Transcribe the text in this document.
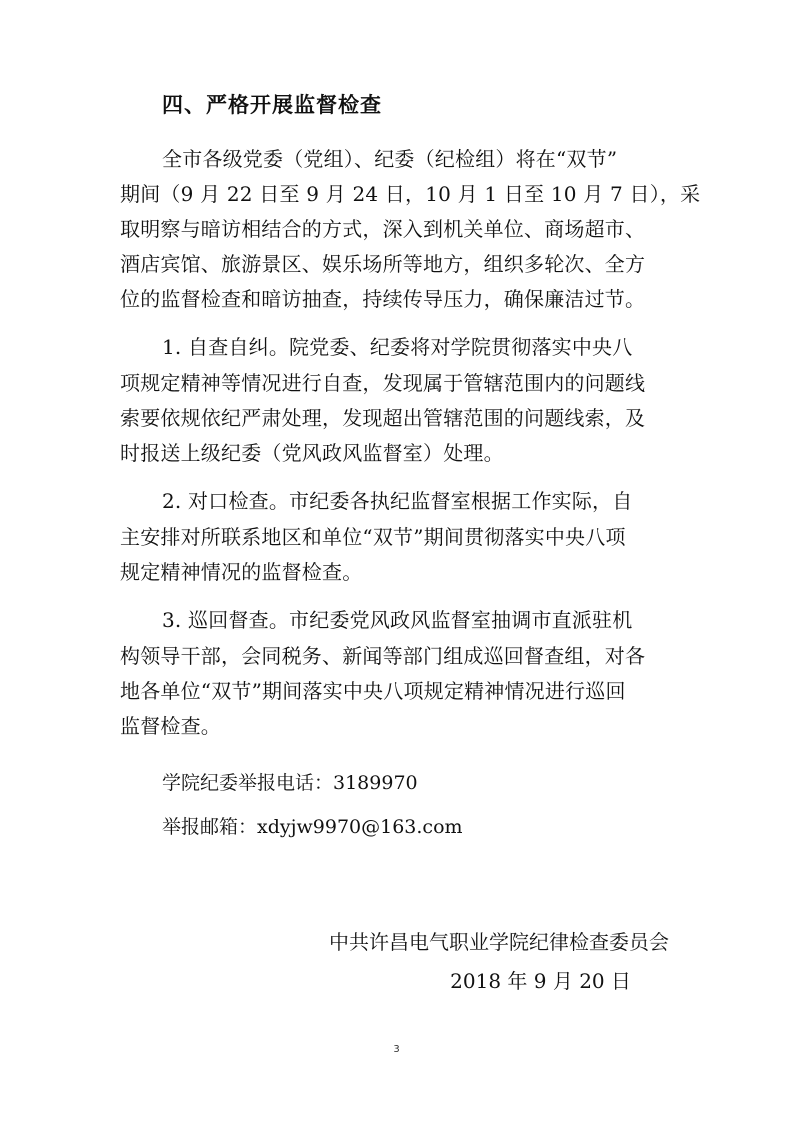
四、严格开展监督检查
全市各级党委（党组）、纪委（纪检组）将在“双节”
期间（9 月 22 日至 9 月 24 日，10 月 1 日至 10 月 7 日），采
取明察与暗访相结合的方式，深入到机关单位、商场超市、
酒店宾馆、旅游景区、娱乐场所等地方，组织多轮次、全方
位的监督检查和暗访抽查，持续传导压力，确保廉洁过节。
1. 自查自纠。院党委、纪委将对学院贯彻落实中央八
项规定精神等情况进行自查，发现属于管辖范围内的问题线
索要依规依纪严肃处理，发现超出管辖范围的问题线索，及
时报送上级纪委（党风政风监督室）处理。
2. 对口检查。市纪委各执纪监督室根据工作实际，自
主安排对所联系地区和单位“双节”期间贯彻落实中央八项
规定精神情况的监督检查。
3. 巡回督查。市纪委党风政风监督室抽调市直派驻机
构领导干部，会同税务、新闻等部门组成巡回督查组，对各
地各单位“双节”期间落实中央八项规定精神情况进行巡回
监督检查。
学院纪委举报电话：3189970
举报邮箱：xdyjw9970@163.com
中共许昌电气职业学院纪律检查委员会
2018 年 9 月 20 日
3
